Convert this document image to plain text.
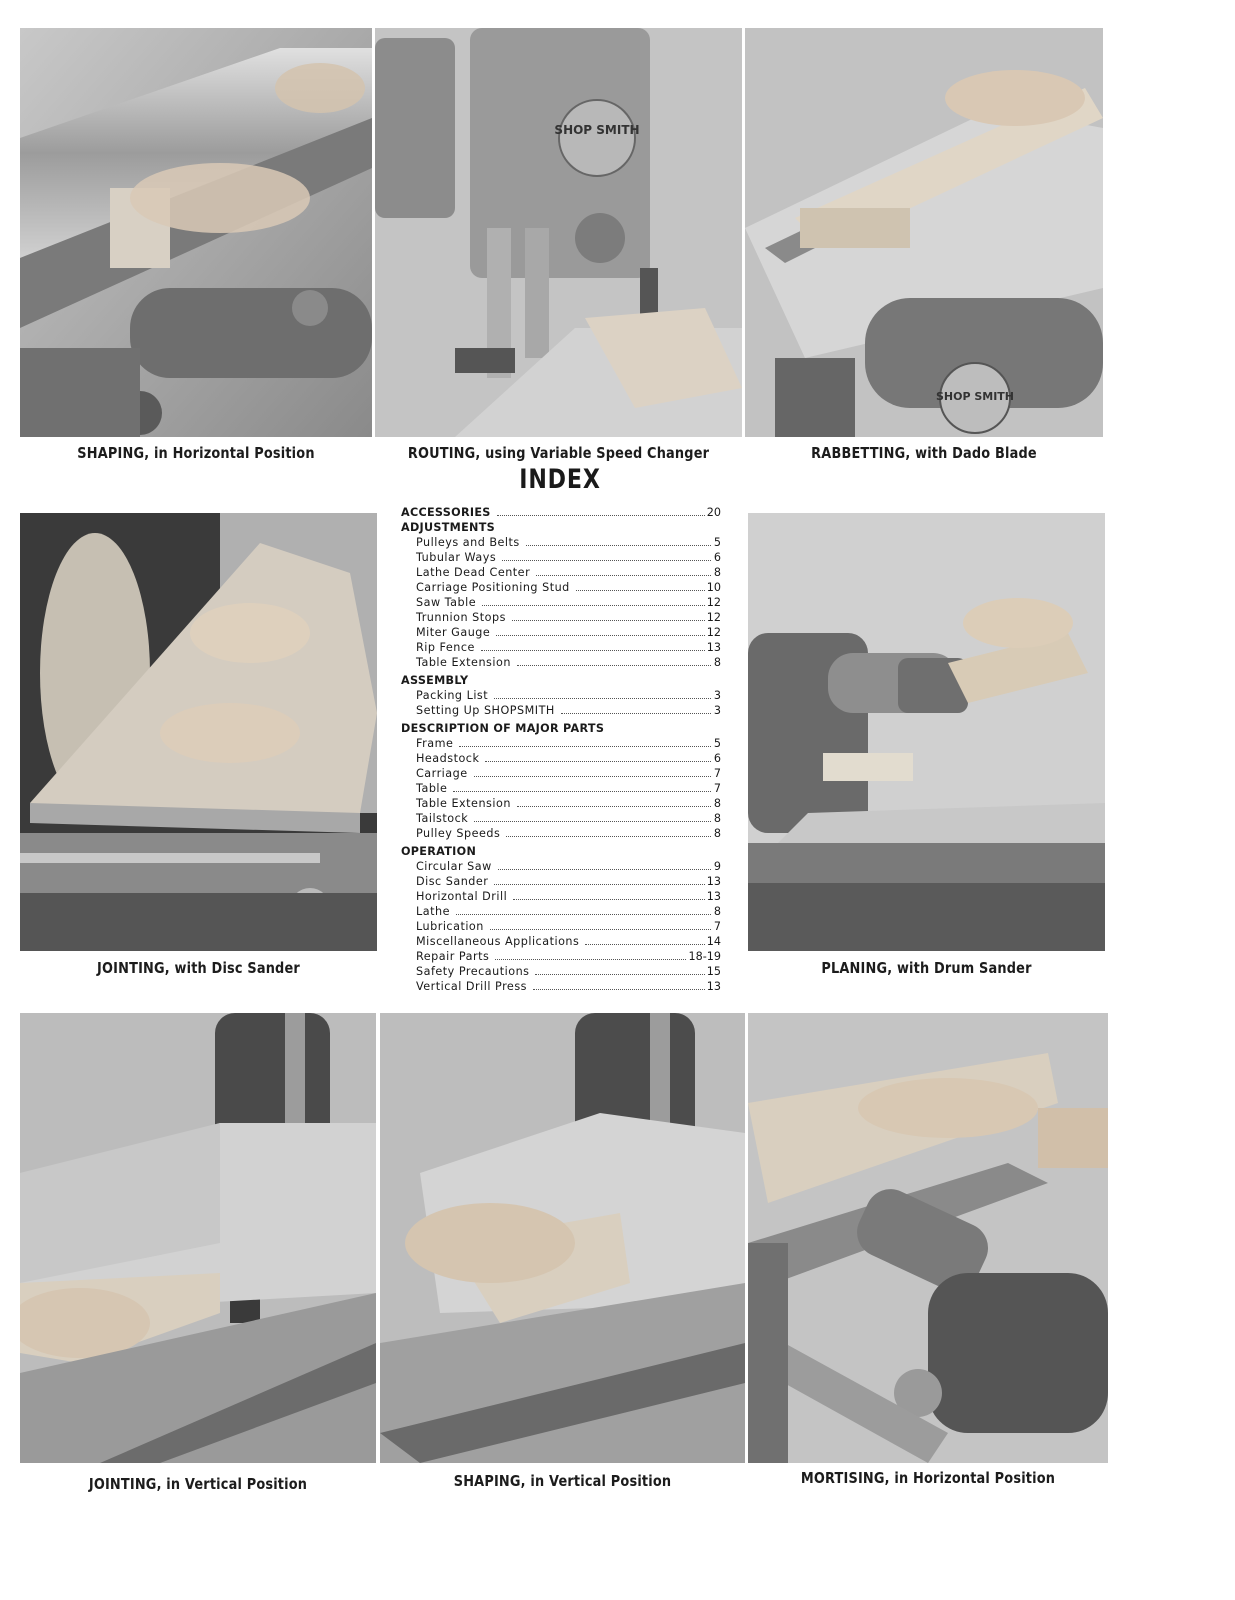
SHOP SMITH
SHOP SMITH
SHAPING, in Horizontal Position	ROUTING, using Variable Speed Changer	RABBETTING, with Dado Blade
JOINTING, with Disc Sander	PLANING, with Drum Sander
INDEX
ACCESSORIES	20
ADJUSTMENTS
Pulleys and Belts	5
Tubular Ways	6
Lathe Dead Center	8
Carriage Positioning Stud	10
Saw Table	12
Trunnion Stops	12
Miter Gauge	12
Rip Fence	13
Table Extension	8
ASSEMBLY
Packing List	3
Setting Up SHOPSMITH	3
DESCRIPTION OF MAJOR PARTS
Frame	5
Headstock	6
Carriage	7
Table	7
Table Extension	8
Tailstock	8
Pulley Speeds	8
OPERATION
Circular Saw	9
Disc Sander	13
Horizontal Drill	13
Lathe	8
Lubrication	7
Miscellaneous Applications	14
Repair Parts	18-19
Safety Precautions	15
Vertical Drill Press	13
JOINTING, in Vertical Position	SHAPING, in Vertical Position	MORTISING, in Horizontal Position
